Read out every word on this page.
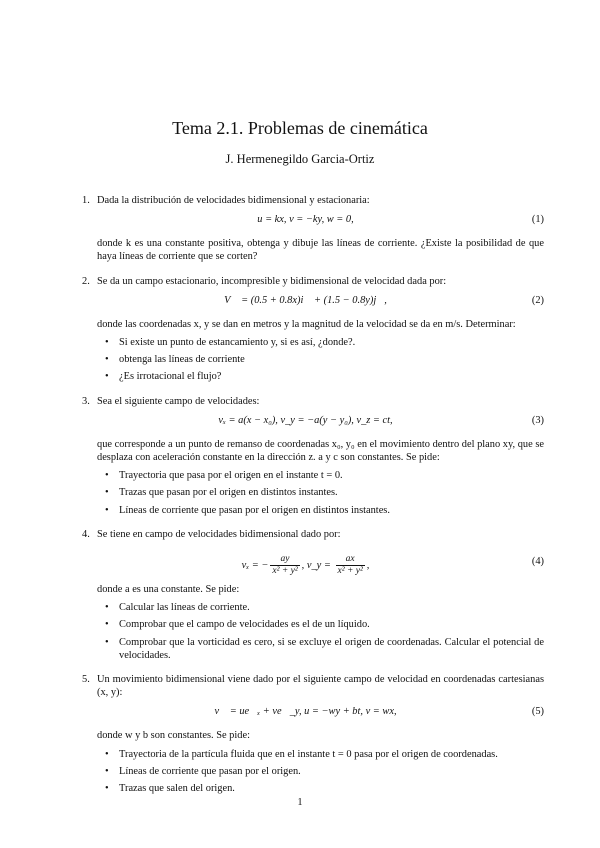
Tema 2.1. Problemas de cinemática
J. Hermenegildo Garcia-Ortiz
1. Dada la distribución de velocidades bidimensional y estacionaria:
u = kx, v = −ky, w = 0,	(1)
donde k es una constante positiva, obtenga y dibuje las líneas de corriente. ¿Existe la posibilidad de que haya líneas de corriente que se corten?
2. Se da un campo estacionario, incompresible y bidimensional de velocidad dada por:
V⃗ = (0.5 + 0.8x)i⃗ + (1.5 − 0.8y)j⃗,	(2)
donde las coordenadas x, y se dan en metros y la magnitud de la velocidad se da en m/s. Determinar:
• Si existe un punto de estancamiento y, si es así, ¿donde?.
• obtenga las líneas de corriente
• ¿Es irrotacional el flujo?
3. Sea el siguiente campo de velocidades:
vₓ = a(x − x₀), v_y = −a(y − y₀), v_z = ct,	(3)
que corresponde a un punto de remanso de coordenadas x₀, y₀ en el movimiento dentro del plano xy, que se desplaza con aceleración constante en la dirección z. a y c son constantes. Se pide:
• Trayectoria que pasa por el origen en el instante t = 0.
• Trazas que pasan por el origen en distintos instantes.
• Líneas de corriente que pasan por el origen en distintos instantes.
4. Se tiene en campo de velocidades bidimensional dado por:
vₓ = − $\frac{ay}{\text{x² + y²}}$ , v_y = $\frac{ax}{\text{x² + y²}}$ ,	(4)
donde a es una constante. Se pide:
• Calcular las líneas de corriente.
• Comprobar que el campo de velocidades es el de un líquido.
• Comprobar que la vorticidad es cero, si se excluye el origen de coordenadas. Calcular el potencial de velocidades.
5. Un movimiento bidimensional viene dado por el siguiente campo de velocidad en coordenadas cartesianas (x, y):
v⃗ = ue⃗ₓ + ve⃗_y, u = −wy + bt, v = wx,	(5)
donde w y b son constantes. Se pide:
• Trayectoria de la partícula fluida que en el instante t = 0 pasa por el origen de coordenadas.
• Líneas de corriente que pasan por el origen.
• Trazas que salen del origen.
1
